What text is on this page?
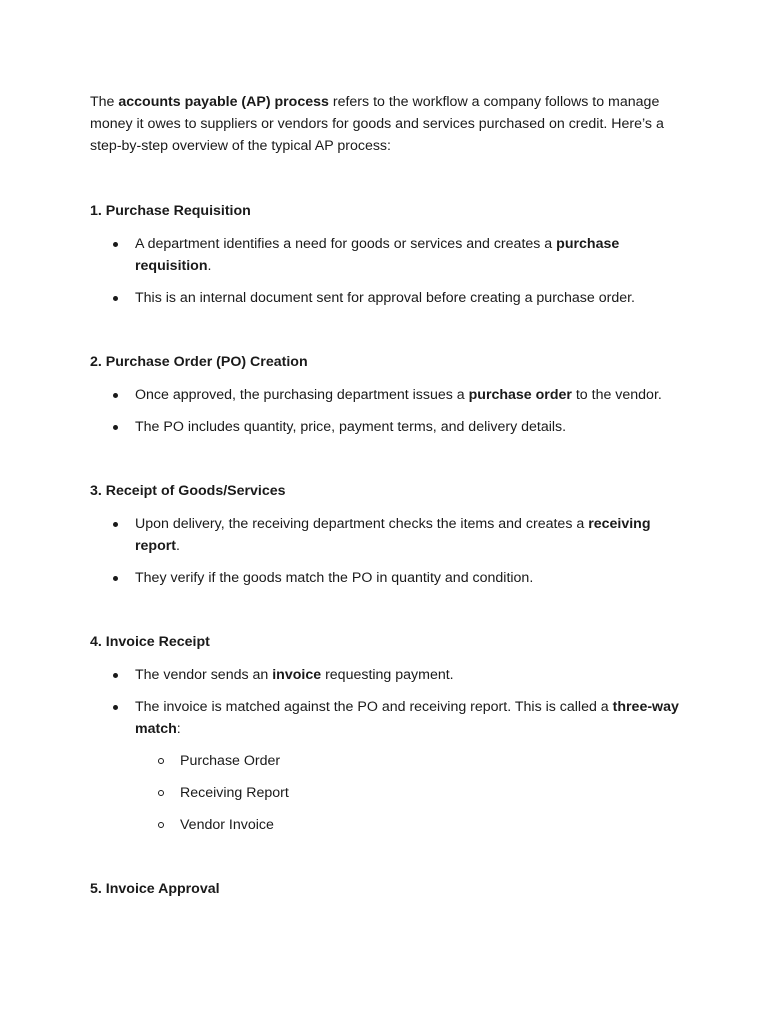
The accounts payable (AP) process refers to the workflow a company follows to manage money it owes to suppliers or vendors for goods and services purchased on credit. Here’s a step-by-step overview of the typical AP process:

1. Purchase Requisition
A department identifies a need for goods or services and creates a purchase requisition.
This is an internal document sent for approval before creating a purchase order.
2. Purchase Order (PO) Creation
Once approved, the purchasing department issues a purchase order to the vendor.
The PO includes quantity, price, payment terms, and delivery details.
3. Receipt of Goods/Services
Upon delivery, the receiving department checks the items and creates a receiving report.
They verify if the goods match the PO in quantity and condition.
4. Invoice Receipt
The vendor sends an invoice requesting payment.
The invoice is matched against the PO and receiving report. This is called a three-way match:
Purchase Order
Receiving Report
Vendor Invoice
5. Invoice Approval
